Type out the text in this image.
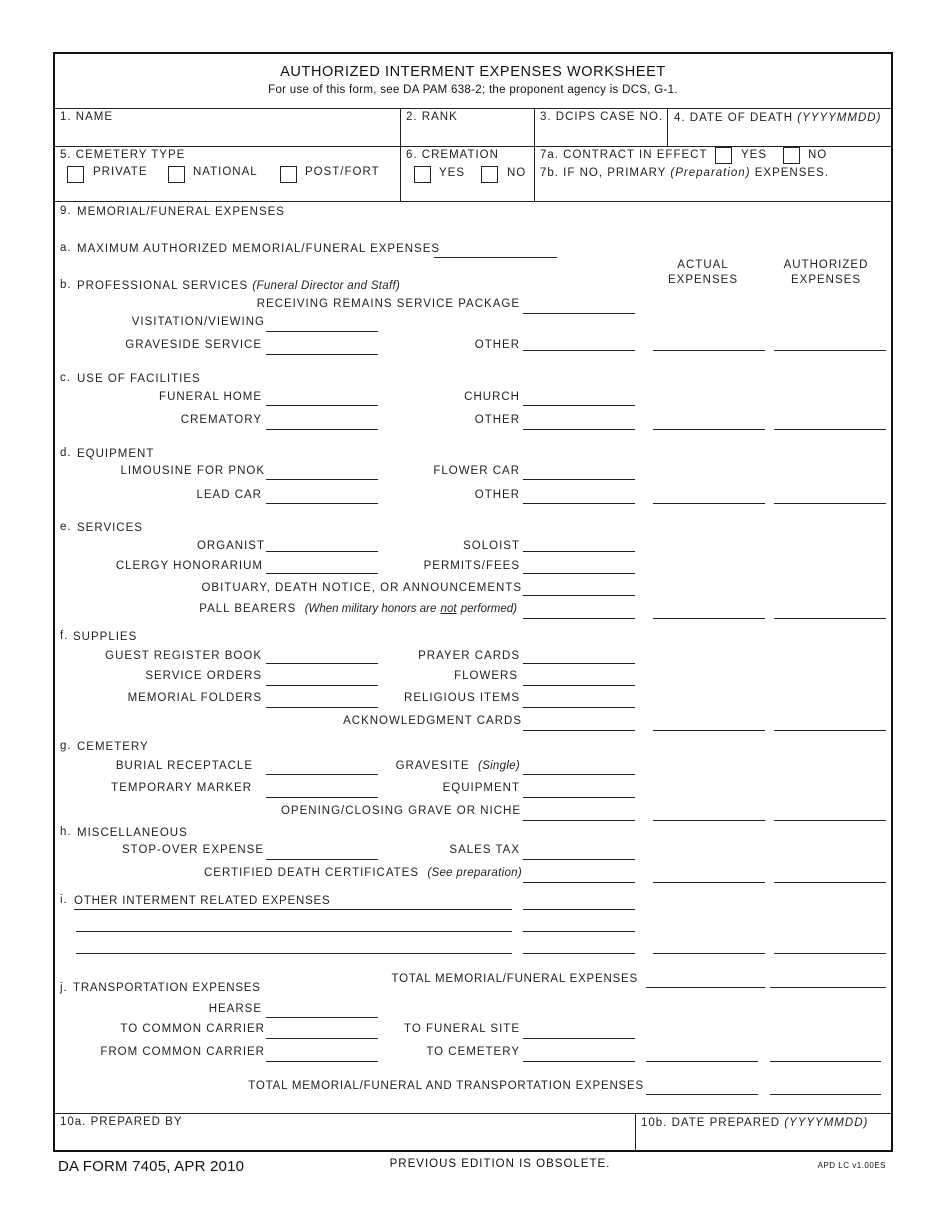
AUTHORIZED INTERMENT EXPENSES WORKSHEET
For use of this form, see DA PAM 638-2; the proponent agency is DCS, G-1.
1. NAME	2. RANK	3. DCIPS CASE NO. 4. DATE OF DEATH (YYYYMMDD)
5. CEMETERY TYPE
PRIVATE	NATIONAL	POST/FORT
6. CREMATION
YES	NO
7a. CONTRACT IN EFFECT	YES	NO
7b. IF NO, PRIMARY (Preparation) EXPENSES.
9. MEMORIAL/FUNERAL EXPENSES
a. MAXIMUM AUTHORIZED MEMORIAL/FUNERAL EXPENSES
ACTUAL
EXPENSES
AUTHORIZED
EXPENSES
b. PROFESSIONAL SERVICES (Funeral Director and Staff)
RECEIVING REMAINS SERVICE PACKAGE
VISITATION/VIEWING
GRAVESIDE SERVICE	OTHER
c. USE OF FACILITIES
FUNERAL HOME	CHURCH
CREMATORY	OTHER
d. EQUIPMENT
LIMOUSINE FOR PNOK	FLOWER CAR
LEAD CAR	OTHER
e. SERVICES
ORGANIST	SOLOIST
CLERGY HONORARIUM	PERMITS/FEES
OBITUARY, DEATH NOTICE, OR ANNOUNCEMENTS
PALL BEARERS (When military honors are not performed)
f. SUPPLIES
GUEST REGISTER BOOK	PRAYER CARDS
SERVICE ORDERS	FLOWERS
MEMORIAL FOLDERS	RELIGIOUS ITEMS
ACKNOWLEDGMENT CARDS
g. CEMETERY
BURIAL RECEPTACLE	GRAVESITE (Single)
TEMPORARY MARKER	EQUIPMENT
OPENING/CLOSING GRAVE OR NICHE
h. MISCELLANEOUS
STOP-OVER EXPENSE	SALES TAX
CERTIFIED DEATH CERTIFICATES (See preparation)
i. OTHER INTERMENT RELATED EXPENSES
TOTAL MEMORIAL/FUNERAL EXPENSES
j. TRANSPORTATION EXPENSES
HEARSE
TO COMMON CARRIER	TO FUNERAL SITE
FROM COMMON CARRIER	TO CEMETERY
TOTAL MEMORIAL/FUNERAL AND TRANSPORTATION EXPENSES
10a. PREPARED BY	10b. DATE PREPARED (YYYYMMDD)
DA FORM 7405, APR 2010	PREVIOUS EDITION IS OBSOLETE.	APD LC v1.00ES
